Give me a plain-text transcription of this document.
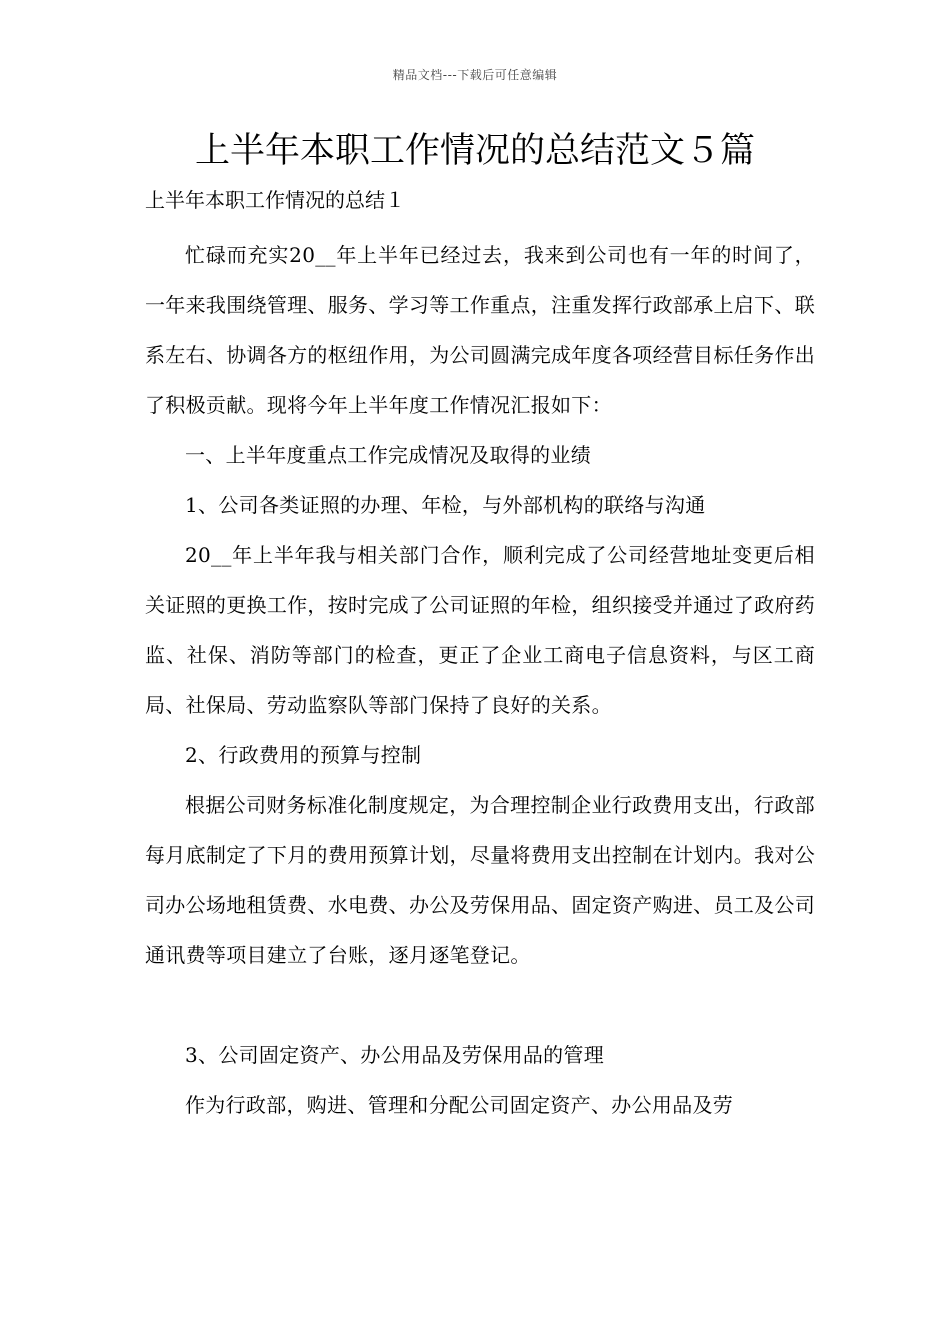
精品文档---下载后可任意编辑
上半年本职工作情况的总结范文５篇
上半年本职工作情况的总结１

忙碌而充实20__年上半年已经过去，我来到公司也有一年的时间了，一年来我围绕管理、服务、学习等工作重点，注重发挥行政部承上启下、联系左右、协调各方的枢纽作用，为公司圆满完成年度各项经营目标任务作出了积极贡献。现将今年上半年度工作情况汇报如下：

一、上半年度重点工作完成情况及取得的业绩

1、公司各类证照的办理、年检，与外部机构的联络与沟通

20__年上半年我与相关部门合作，顺利完成了公司经营地址变更后相关证照的更换工作，按时完成了公司证照的年检，组织接受并通过了政府药监、社保、消防等部门的检查，更正了企业工商电子信息资料，与区工商局、社保局、劳动监察队等部门保持了良好的关系。

2、行政费用的预算与控制

根据公司财务标准化制度规定，为合理控制企业行政费用支出，行政部每月底制定了下月的费用预算计划，尽量将费用支出控制在计划内。我对公司办公场地租赁费、水电费、办公及劳保用品、固定资产购进、员工及公司通讯费等项目建立了台账，逐月逐笔登记。

3、公司固定资产、办公用品及劳保用品的管理

作为行政部，购进、管理和分配公司固定资产、办公用品及劳
